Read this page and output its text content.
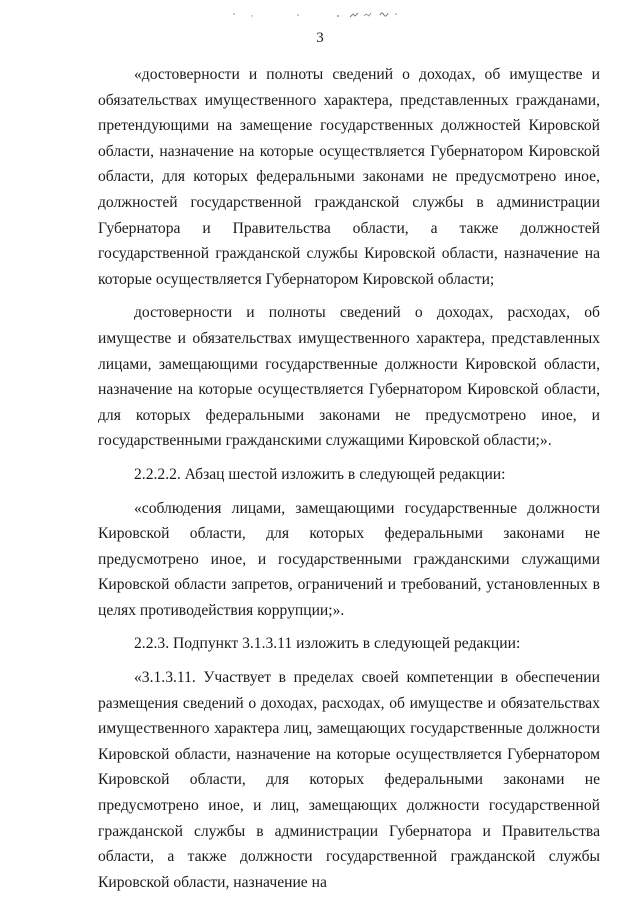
3

«достоверности и полноты сведений о доходах, об имуществе и обязательствах имущественного характера, представленных гражданами, претендующими на замещение государственных должностей Кировской области, назначение на которые осуществляется Губернатором Кировской области, для которых федеральными законами не предусмотрено иное, должностей государственной гражданской службы в администрации Губернатора и Правительства области, а также должностей государственной гражданской службы Кировской области, назначение на которые осуществляется Губернатором Кировской области;

достоверности и полноты сведений о доходах, расходах, об имуществе и обязательствах имущественного характера, представленных лицами, замещающими государственные должности Кировской области, назначение на которые осуществляется Губернатором Кировской области, для которых федеральными законами не предусмотрено иное, и государственными гражданскими служащими Кировской области;».

2.2.2.2. Абзац шестой изложить в следующей редакции:

«соблюдения лицами, замещающими государственные должности Кировской области, для которых федеральными законами не предусмотрено иное, и государственными гражданскими служащими Кировской области запретов, ограничений и требований, установленных в целях противодействия коррупции;».

2.2.3. Подпункт 3.1.3.11 изложить в следующей редакции:

«3.1.3.11. Участвует в пределах своей компетенции в обеспечении размещения сведений о доходах, расходах, об имуществе и обязательствах имущественного характера лиц, замещающих государственные должности Кировской области, назначение на которые осуществляется Губернатором Кировской области, для которых федеральными законами не предусмотрено иное, и лиц, замещающих должности государственной гражданской службы в администрации Губернатора и Правительства области, а также должности государственной гражданской службы Кировской области, назначение на
